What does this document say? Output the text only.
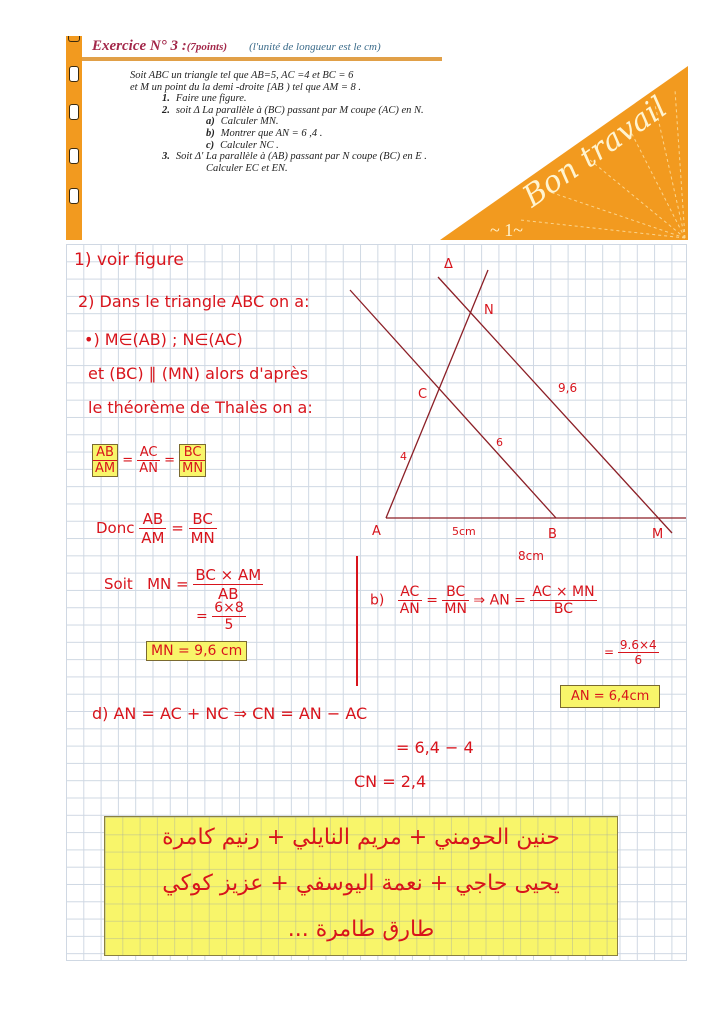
Exercice N° 3 :(7points) (l'unité de longueur est le cm)
Soit ABC un triangle tel que AB=5, AC =4 et BC = 6
et M un point du la demi -droite [AB ) tel que AM = 8 .
1. Faire une figure.
2. soit Δ La parallèle à (BC) passant par M coupe (AC) en N.
a) Calculer MN.
b) Montrer que AN = 6 ,4 .
c) Calculer NC .
3. Soit Δ' La parallèle à (AB) passant par N coupe (BC) en E .
Calculer EC et EN.	Bon travail
~ 1~
1) voir figure
2) Dans le triangle ABC on a:
•) M∈(AB) ; N∈(AC)
et (BC) ∥ (MN) alors d'après
le théorème de Thalès on a:
$\frac{AB}{AM} = \frac{AC}{AN} = \frac{BC}{MN}$
Donc $\frac{AB}{AM} = \frac{BC}{MN}$
Soit MN = $\frac{BC \times AM}{AB}$
= $\frac{6\times 8}{5}$
MN = 9,6 cm
$b) \frac{AC}{AN} = \frac{BC}{MN}$ ⇒ AN = $\frac{AC \times MN}{BC}$
= $\frac{9.6\times 4}{6}$
AN = 6,4cm
d) AN = AC + NC ⇒ CN = AN − AC
= 6,4 − 4
CN = 2,4
Δ
N
C
A	B	M
4
6
9,6
5cm
8cm
حنين الحومني + مريم النايلي + رنيم كامرة
يحيى حاجي + نعمة اليوسفي + عزيز كوكي
طارق طامرة ...
